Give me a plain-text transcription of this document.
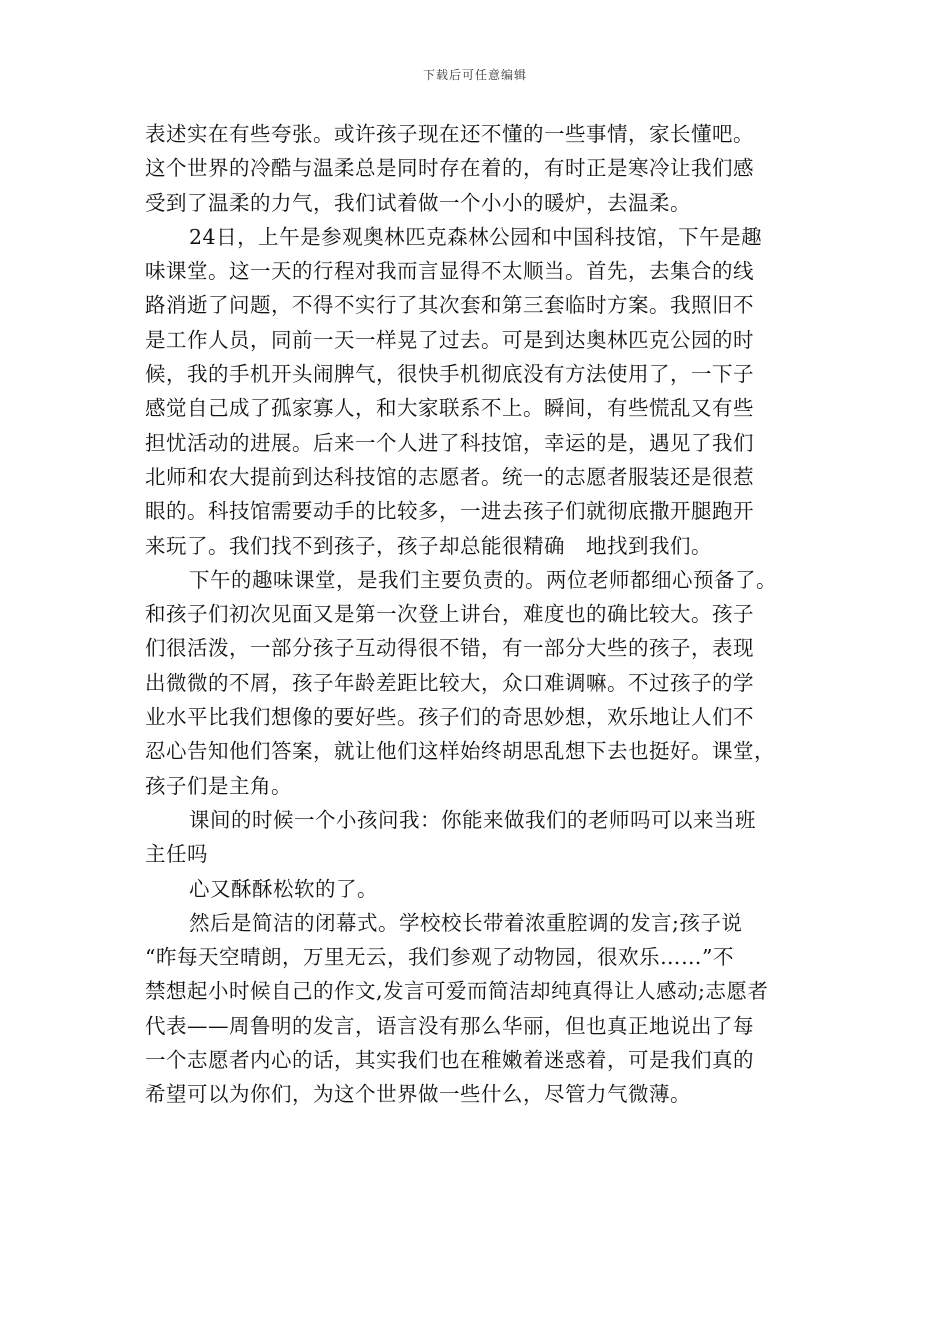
下载后可任意编辑
表述实在有些夸张。或许孩子现在还不懂的一些事情，家长懂吧。
这个世界的冷酷与温柔总是同时存在着的，有时正是寒冷让我们感
受到了温柔的力气，我们试着做一个小小的暖炉，去温柔。
24日，上午是参观奥林匹克森林公园和中国科技馆，下午是趣
味课堂。这一天的行程对我而言显得不太顺当。首先，去集合的线
路消逝了问题，不得不实行了其次套和第三套临时方案。我照旧不
是工作人员，同前一天一样晃了过去。可是到达奥林匹克公园的时
候，我的手机开头闹脾气，很快手机彻底没有方法使用了，一下子
感觉自己成了孤家寡人，和大家联系不上。瞬间，有些慌乱又有些
担忧活动的进展。后来一个人进了科技馆，幸运的是，遇见了我们
北师和农大提前到达科技馆的志愿者。统一的志愿者服装还是很惹
眼的。科技馆需要动手的比较多，一进去孩子们就彻底撒开腿跑开
来玩了。我们找不到孩子，孩子却总能很精确　地找到我们。
下午的趣味课堂，是我们主要负责的。两位老师都细心预备了。
和孩子们初次见面又是第一次登上讲台，难度也的确比较大。孩子
们很活泼，一部分孩子互动得很不错，有一部分大些的孩子，表现
出微微的不屑，孩子年龄差距比较大，众口难调嘛。不过孩子的学
业水平比我们想像的要好些。孩子们的奇思妙想，欢乐地让人们不
忍心告知他们答案，就让他们这样始终胡思乱想下去也挺好。课堂，
孩子们是主角。
课间的时候一个小孩问我：你能来做我们的老师吗可以来当班
主任吗
心又酥酥松软的了。
然后是简洁的闭幕式。学校校长带着浓重腔调的发言;孩子说
“昨每天空晴朗，万里无云，我们参观了动物园，很欢乐……”不
禁想起小时候自己的作文,发言可爱而简洁却纯真得让人感动;志愿者
代表——周鲁明的发言，语言没有那么华丽，但也真正地说出了每
一个志愿者内心的话，其实我们也在稚嫩着迷惑着，可是我们真的
希望可以为你们，为这个世界做一些什么，尽管力气微薄。
